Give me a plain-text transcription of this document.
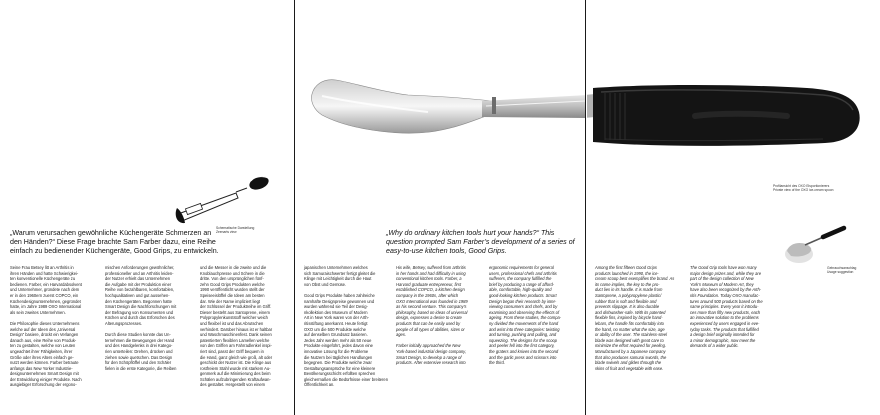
Schematische Darstellung
Zeenarts view
„Warum verursachen gewöhnliche Küchengeräte Schmerzen an den Händen?“ Diese Frage brachte Sam Farber dazu, eine Reihe einfach zu bedienender Küchengeräte, Good Grips, zu entwickeln.
Seine Frau Betsey litt an Arthritis in
ihren Händen und hatte Schwierigkei-
ten konventionelle Küchengeräte zu
bedienen. Farber, ein Harvardabsolvent
und Unternehmer, gründete nach dem
er in den 1960ern zuerst COPCO, ein
Küchendesignunternehmen, gegründet
hatte, im Jahre 1989 OXO International
als sein zweites Unternehmen.

Die Philosophie dieses Unternehmens
welche auf der Ideen des „Universal
Design“ basiere, drückt ein Verlangen
danach aus, eine Reihe von Produk-
ten zu gestalten, welche von Leuten
ungeachtet ihrer Fähigkeiten, ihrer
Größe oder ihres Alters einfach ge-
nutzt werden können. Farber betraute
anfangs das New Yorker Industrie-
designunternehmen Smart Design mit
der Entwicklung einiger Produkte. Nach
ausgiebiger Erforschung der ergono-
mischen Anforderungen gewöhnlicher,
professioneller und an Arthritis leiden-
der Nutzer erhielt das Unternehmen
die Aufgabe mit der Produktion einer
Reihe von bezahlbaren, komfortablen,
hochqualitativen und gut aussehen-
den Küchengeräten. Begonnen hatte
Smart Design die Nachforschungen mit
der Befragung von Konsumenten und
Köchen und durch das Erforschen des
Alterungsprozesses.

Durch diese Studien konnte das Un-
ternehmen die Bewegungen der Hand
und des Handgelenks in drei Katego-
rien unterteilen: Drehen, drücken und
ziehen sowie quetschen. Das Design
für den Schöpflöffel und den Schäler
fielen in die erste Kategorie, die Reiben
und die Messer in die zweite und die
Knoblauchpresse und Schere in die
dritte. Von den ursprünglichen fünf-
zehn Good Grips Produkten welche
1990 veröffentlicht wurden stellt der
Speiseeislöffel die Ideen am besten
dar. Wie der Name impliziert liegt
der Schlüssel der Produktreihe im Griff.
Dieser besteht aus Santoprene, einem
Polypropylenkunststoff welcher weich
und flexibel ist und das Abrutschen
verhindert. Darüber hinaus ist er haltbar
und Waschmaschinenfest. Dank seinen
patentierten flexiblen Lamellen welche
von den Griffen am Fahrradlenkel inspi-
riert sind, passt der Griff bequem in
die Hand, ganz gleich wie groß, alt oder
geschickt der Nutzer ist. Die Klinge aus
rostfreiem Stahl wurde mit starkem Au-
genmerk auf die Minimierung des beim
Schälen aufzubringenden Kraftaufwan-
des gestaltet. Hergestellt von einem
„Why do ordinary kitchen tools hurt your hands?“ This question prompted Sam Farber’s development of a series of easy-to-use kitchen tools, Good Grips.
japanischen Unternehmen welches
sich Samuraischwerter fertigt gleitet die
Klinge mit Leichtigkeit durch die Haut
von Obst und Gemüse.

Good Grips Produkte haben zahlreiche
namhafte Designpreise gewonnen und
wurden während sie Teil der Desig-
nkollektion des Museum of Modern
Art in New York waren von der Arth-
ritisstiftung anerkannt. Heute fertigt
OXO um die 500 Produkte welche
auf denselben Grundsatz basieren.
Jedes Jahr werden mehr als 50 neue
Produkte eingeführt, jedes davon eine
innovative Lösung für die Probleme
die Nutzern bei täglichen Handlungen
begegnen. Die Produkte welche zwar
Gestaltungsansprüche für eine kleinere
Bevölkerungsschicht erfüllten sprechen
gleichermaßen die Bedürfnisse einer breiteren
Öffentlichkeit an.
His wife, Betsey, suffered from arthritis
in her hands and had difficulty in using
conventional kitchen tools. Farber, a
Harvard graduate entrepreneur, first
established COPCO, a kitchen design
company in the 1960s, after which
OXO International was founded in 1989
as his second venture. This company’s
philosophy, based on ideas of universal
design, expresses a desire to create
products that can be easily used by
people of all types of abilities, sizes or
ages.

Farber initially approached the New
York-based industrial design company,
Smart Design, to develop a range of
products. After extensive research into
ergonomic requirements for general
users, professional chefs and arthritis
sufferers, the company fulfilled the
brief by producing a range of afford-
able, comfortable, high-quality and
good-looking kitchen products. Smart
Design began their research by inter-
viewing consumers and chefs, and by
examining and observing the effects of
ageing. From these studies, the compa-
ny divided the movements of the hand
and wrist into three categories: twisting
and turning, pushing and pulling, and
squeezing. The designs for the scoop
and peeler fell into the first category,
the graters and knives into the second
and the garlic press and scissors into
the third.
Profilansicht des OXO Eisportionierers
Private view of the OXO ice-cream spoon
Gebrauchsanschlag
Usage suggestion
Among the first fifteen Good Grips
products launched in 1990, the ice-
cream scoop best exemplifies the brand. As
its name implies, the key to the pro-
duct lies in its handle. It is made from
Santoprene, a polypropylene plastic/
rubber that is soft and flexible and
prevents slippage. It is also durable
and dishwasher-safe. With its patented
flexible fins, inspired by bicycle hand-
lebars, the handle fits comfortably into
the hand, no matter what the size, age
or ability of the user. The stainless-steel
blade was designed with great care to
minimize the effort required for peeling.
Manufactured by a Japanese company
that also produces samurai swords, the
blade swivels and glides through the
skins of fruit and vegetable with ease.
The Good Grip tools have won many
major design prizes and, while they are
part of the design collection of New
York’s Museum of Modern Art, they
have also been recognized by the Arth-
ritis Foundation. Today OXO manufac-
tures around 500 products based on the
same principles. Every year it introdu-
ces more than fifty new products, each
an innovative solution to the problems
experienced by users engaged in eve-
ryday tasks. The products that fulfilled
a design brief originally intended for
a minor demographic, now meet the
demands of a wider public.
